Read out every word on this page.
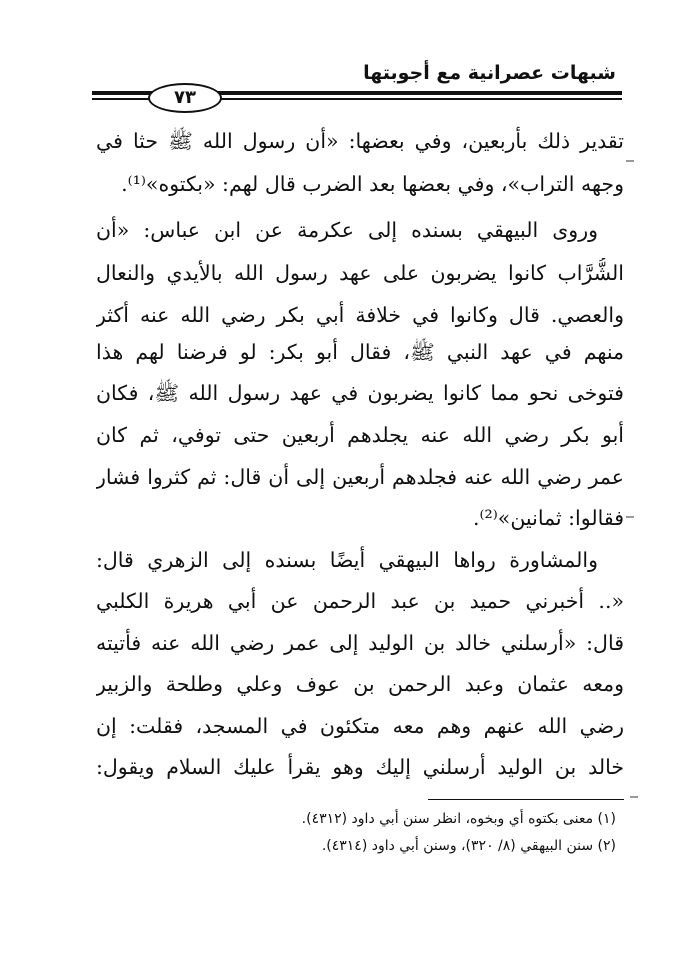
شبهات عصرانية مع أجوبتها
٧٣
تقدير ذلك بأربعين، وفي بعضها: «أن رسول الله ﷺ حثا في
وجهه التراب»، وفي بعضها بعد الضرب قال لهم: «بكتوه»⁽¹⁾.
وروى البيهقي بسنده إلى عكرمة عن ابن عباس: «أن
الشُّرَّاب كانوا يضربون على عهد رسول الله بالأيدي والنعال
والعصي. قال وكانوا في خلافة أبي بكر رضي الله عنه أكثر
منهم في عهد النبي ﷺ، فقال أبو بكر: لو فرضنا لهم هذا
فتوخى نحو مما كانوا يضربون في عهد رسول الله ﷺ، فكان
أبو بكر رضي الله عنه يجلدهم أربعين حتى توفي، ثم كان
عمر رضي الله عنه فجلدهم أربعين إلى أن قال: ثم كثروا فشار
فقالوا: ثمانين»⁽²⁾.
والمشاورة رواها البيهقي أيضًا بسنده إلى الزهري قال:
«.. أخبرني حميد بن عبد الرحمن عن أبي هريرة الكلبي
قال: «أرسلني خالد بن الوليد إلى عمر رضي الله عنه فأتيته
ومعه عثمان وعبد الرحمن بن عوف وعلي وطلحة والزبير
رضي الله عنهم وهم معه متكئون في المسجد، فقلت: إن
خالد بن الوليد أرسلني إليك وهو يقرأ عليك السلام ويقول:
(١) معنى بكتوه أي وبخوه، انظر سنن أبي داود (٤٣١٢).
(٢) سنن البيهقي (٨/ ٣٢٠)، وسنن أبي داود (٤٣١٤).
